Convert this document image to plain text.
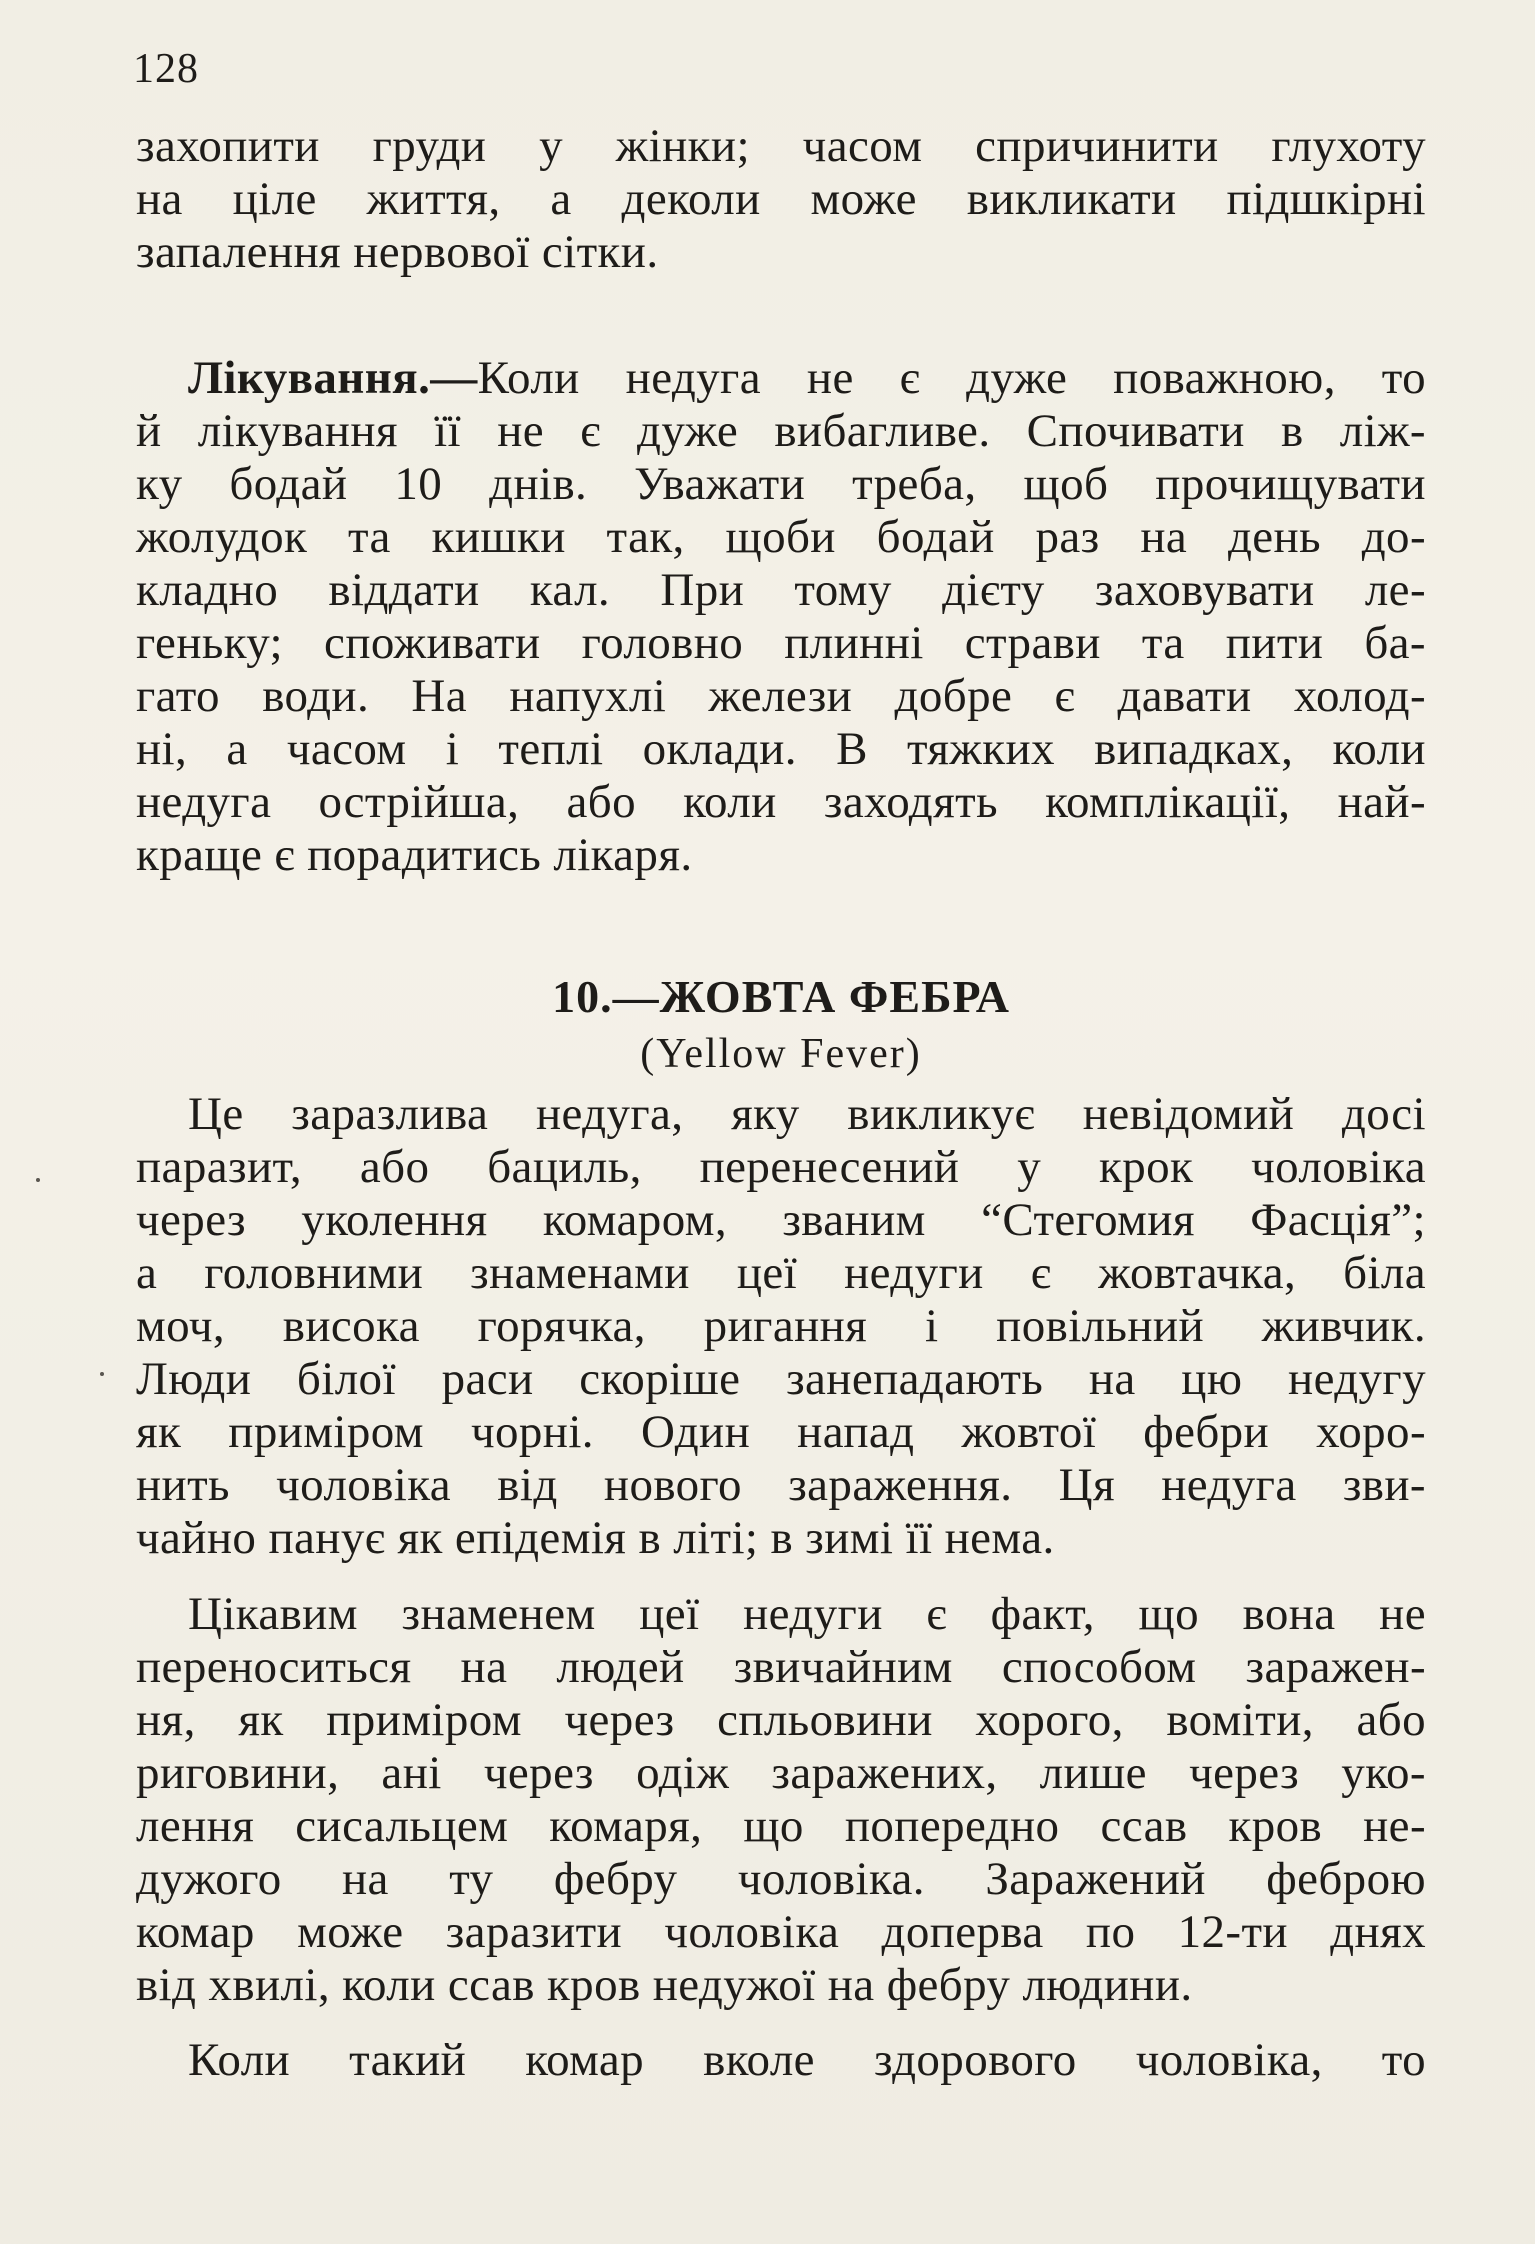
128
захопити груди у жінки; часом спричинити глухоту
на ціле життя, а деколи може викликати підшкірні
запалення нервової сітки.
Лікування.—Коли недуга не є дуже поважною, то
й лікування її не є дуже вибагливе. Спочивати в ліж-
ку бодай 10 днів. Уважати треба, щоб прочищувати
жолудок та кишки так, щоби бодай раз на день до-
кладно віддати кал. При тому дієту заховувати ле-
геньку; споживати головно плинні страви та пити ба-
гато води. На напухлі желези добре є давати холод-
ні, а часом і теплі оклади. В тяжких випадках, коли
недуга острійша, або коли заходять комплікації, най-
краще є порадитись лікаря.
10.—ЖОВТА ФЕБРА
(Yellow Fever)
Це заразлива недуга, яку викликує невідомий досі
паразит, або бациль, перенесений у крок чоловіка
через уколення комаром, званим “Стегомия Фасція”;
а головними знаменами цеї недуги є жовтачка, біла
моч, висока горячка, ригання і повільний живчик.
Люди білої раси скоріше занепадають на цю недугу
як приміром чорні. Один напад жовтої фебри хоро-
нить чоловіка від нового зараження. Ця недуга зви-
чайно панує як епідемія в літі; в зимі її нема.
Цікавим знаменем цеї недуги є факт, що вона не
переноситься на людей звичайним способом заражен-
ня, як приміром через спльовини хорого, воміти, або
риговини, ані через одіж заражених, лише через уко-
лення сисальцем комаря, що попередно ссав кров не-
дужого на ту фебру чоловіка. Заражений феброю
комар може заразити чоловіка доперва по 12-ти днях
від хвилі, коли ссав кров недужої на фебру людини.
Коли такий комар вколе здорового чоловіка, то
